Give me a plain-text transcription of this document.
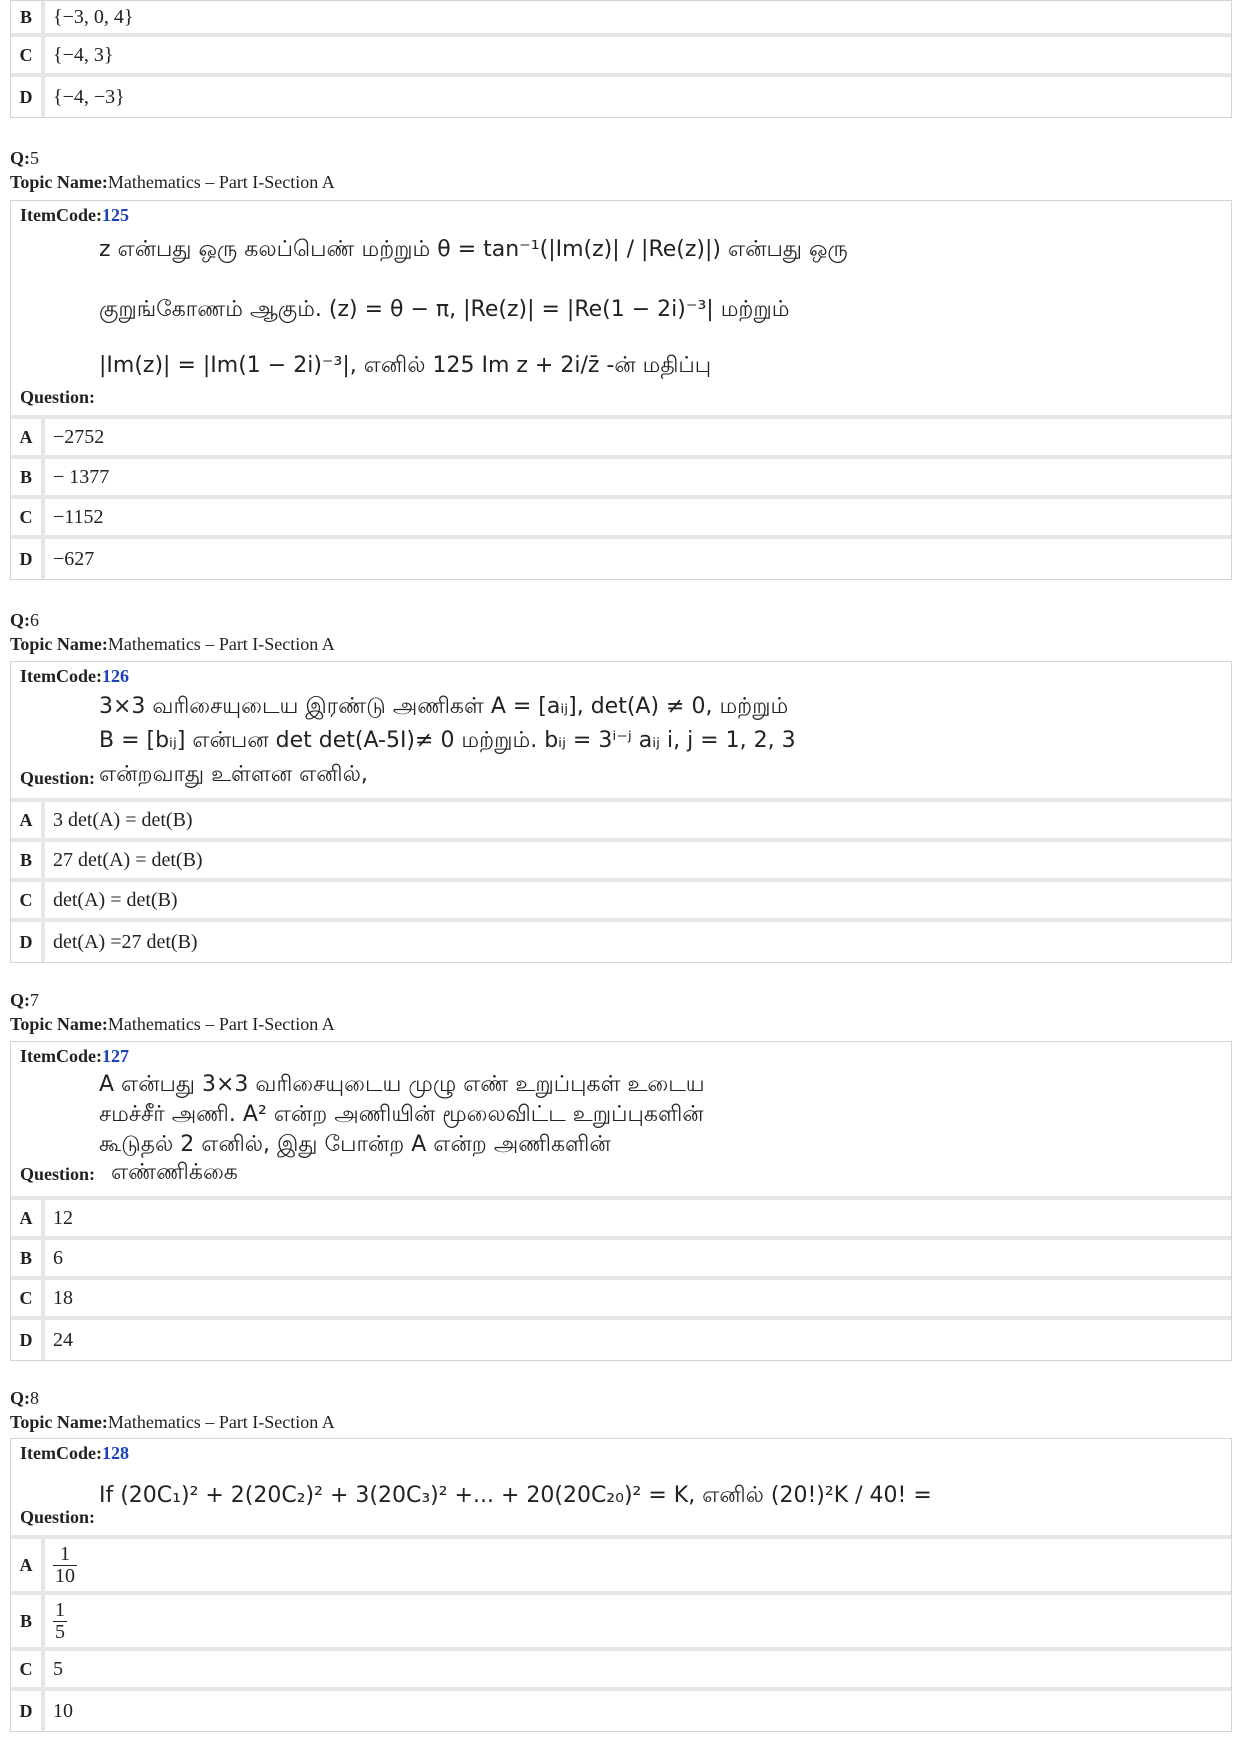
B	{−3, 0, 4}
C	{−4, 3}
D	{−4, −3}
Q:5
Topic Name:Mathematics – Part I-Section A
ItemCode:125
z என்பது ஒரு கலப்பெண் மற்றும் θ = tan⁻¹(|Im(z)| / |Re(z)|) என்பது ஒரு
குறுங்கோணம் ஆகும். (z) = θ − π, |Re(z)| = |Re(1 − 2i)⁻³| மற்றும்
|Im(z)| = |Im(1 − 2i)⁻³|, எனில் 125 Im z + 2i/z̄ -ன் மதிப்பு
Question:
A	−2752
B	− 1377
C	−1152
D	−627
Q:6
Topic Name:Mathematics – Part I-Section A
ItemCode:126
3×3 வரிசையுடைய இரண்டு அணிகள் A = [aᵢⱼ], det(A) ≠ 0, மற்றும்
B = [bᵢⱼ] என்பன det det(A-5I)≠ 0 மற்றும். bᵢⱼ = 3ⁱ⁻ʲ aᵢⱼ i, j = 1, 2, 3
என்றவாது உள்ளன எனில்,
Question:
A	3 det(A) = det(B)
B	27 det(A) = det(B)
C	det(A) = det(B)
D	det(A) =27 det(B)
Q:7
Topic Name:Mathematics – Part I-Section A
ItemCode:127
A என்பது 3×3 வரிசையுடைய முழு எண் உறுப்புகள் உடைய
சமச்சீர் அணி. A² என்ற அணியின் மூலைவிட்ட உறுப்புகளின்
கூடுதல் 2 எனில், இது போன்ற A என்ற அணிகளின்
Question: எண்ணிக்கை
A	12
B	6
C	18
D	24
Q:8
Topic Name:Mathematics – Part I-Section A
ItemCode:128
If (20C₁)² + 2(20C₂)² + 3(20C₃)² +... + 20(20C₂₀)² = K, எனில் (20!)²K / 40! =
Question:
A	$\frac{1}{10}$
B	$\frac{1}{5}$
C	5
D	10
